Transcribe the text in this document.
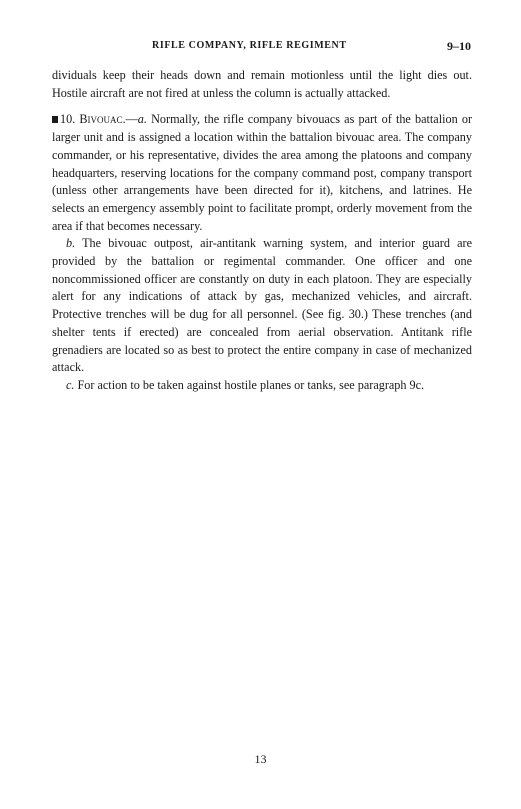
RIFLE COMPANY, RIFLE REGIMENT	9–10

dividuals keep their heads down and remain motionless until the light dies out. Hostile aircraft are not fired at unless the column is actually attacked.

10. Bivouac.—a. Normally, the rifle company bivouacs as part of the battalion or larger unit and is assigned a location within the battalion bivouac area. The company commander, or his representative, divides the area among the platoons and company headquarters, reserving locations for the company command post, company transport (unless other arrangements have been directed for it), kitchens, and latrines. He selects an emergency assembly point to facilitate prompt, orderly movement from the area if that becomes necessary.

b. The bivouac outpost, air-antitank warning system, and interior guard are provided by the battalion or regimental commander. One officer and one noncommissioned officer are constantly on duty in each platoon. They are especially alert for any indications of attack by gas, mechanized vehicles, and aircraft. Protective trenches will be dug for all personnel. (See fig. 30.) These trenches (and shelter tents if erected) are concealed from aerial observation. Antitank rifle grenadiers are located so as best to protect the entire company in case of mechanized attack.

c. For action to be taken against hostile planes or tanks, see paragraph 9c.

13
